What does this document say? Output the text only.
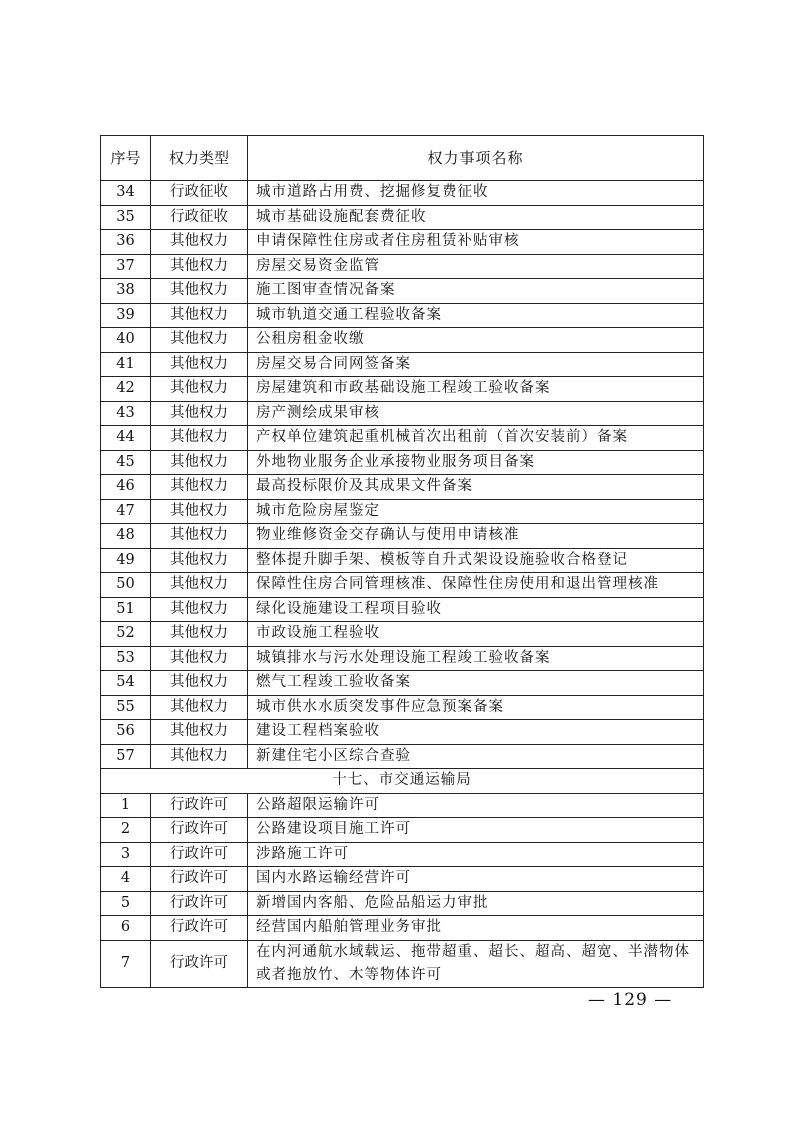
序号	权力类型	权力事项名称
34	行政征收	城市道路占用费、挖掘修复费征收
35	行政征收	城市基础设施配套费征收
36	其他权力	申请保障性住房或者住房租赁补贴审核
37	其他权力	房屋交易资金监管
38	其他权力	施工图审查情况备案
39	其他权力	城市轨道交通工程验收备案
40	其他权力	公租房租金收缴
41	其他权力	房屋交易合同网签备案
42	其他权力	房屋建筑和市政基础设施工程竣工验收备案
43	其他权力	房产测绘成果审核
44	其他权力	产权单位建筑起重机械首次出租前（首次安装前）备案
45	其他权力	外地物业服务企业承接物业服务项目备案
46	其他权力	最高投标限价及其成果文件备案
47	其他权力	城市危险房屋鉴定
48	其他权力	物业维修资金交存确认与使用申请核准
49	其他权力	整体提升脚手架、模板等自升式架设设施验收合格登记
50	其他权力	保障性住房合同管理核准、保障性住房使用和退出管理核准
51	其他权力	绿化设施建设工程项目验收
52	其他权力	市政设施工程验收
53	其他权力	城镇排水与污水处理设施工程竣工验收备案
54	其他权力	燃气工程竣工验收备案
55	其他权力	城市供水水质突发事件应急预案备案
56	其他权力	建设工程档案验收
57	其他权力	新建住宅小区综合查验
十七、市交通运输局		
1	行政许可	公路超限运输许可
2	行政许可	公路建设项目施工许可
3	行政许可	涉路施工许可
4	行政许可	国内水路运输经营许可
5	行政许可	新增国内客船、危险品船运力审批
6	行政许可	经营国内船舶管理业务审批
7	行政许可	在内河通航水域载运、拖带超重、超长、超高、超宽、半潜物体或者拖放竹、木等物体许可
— 129 —
